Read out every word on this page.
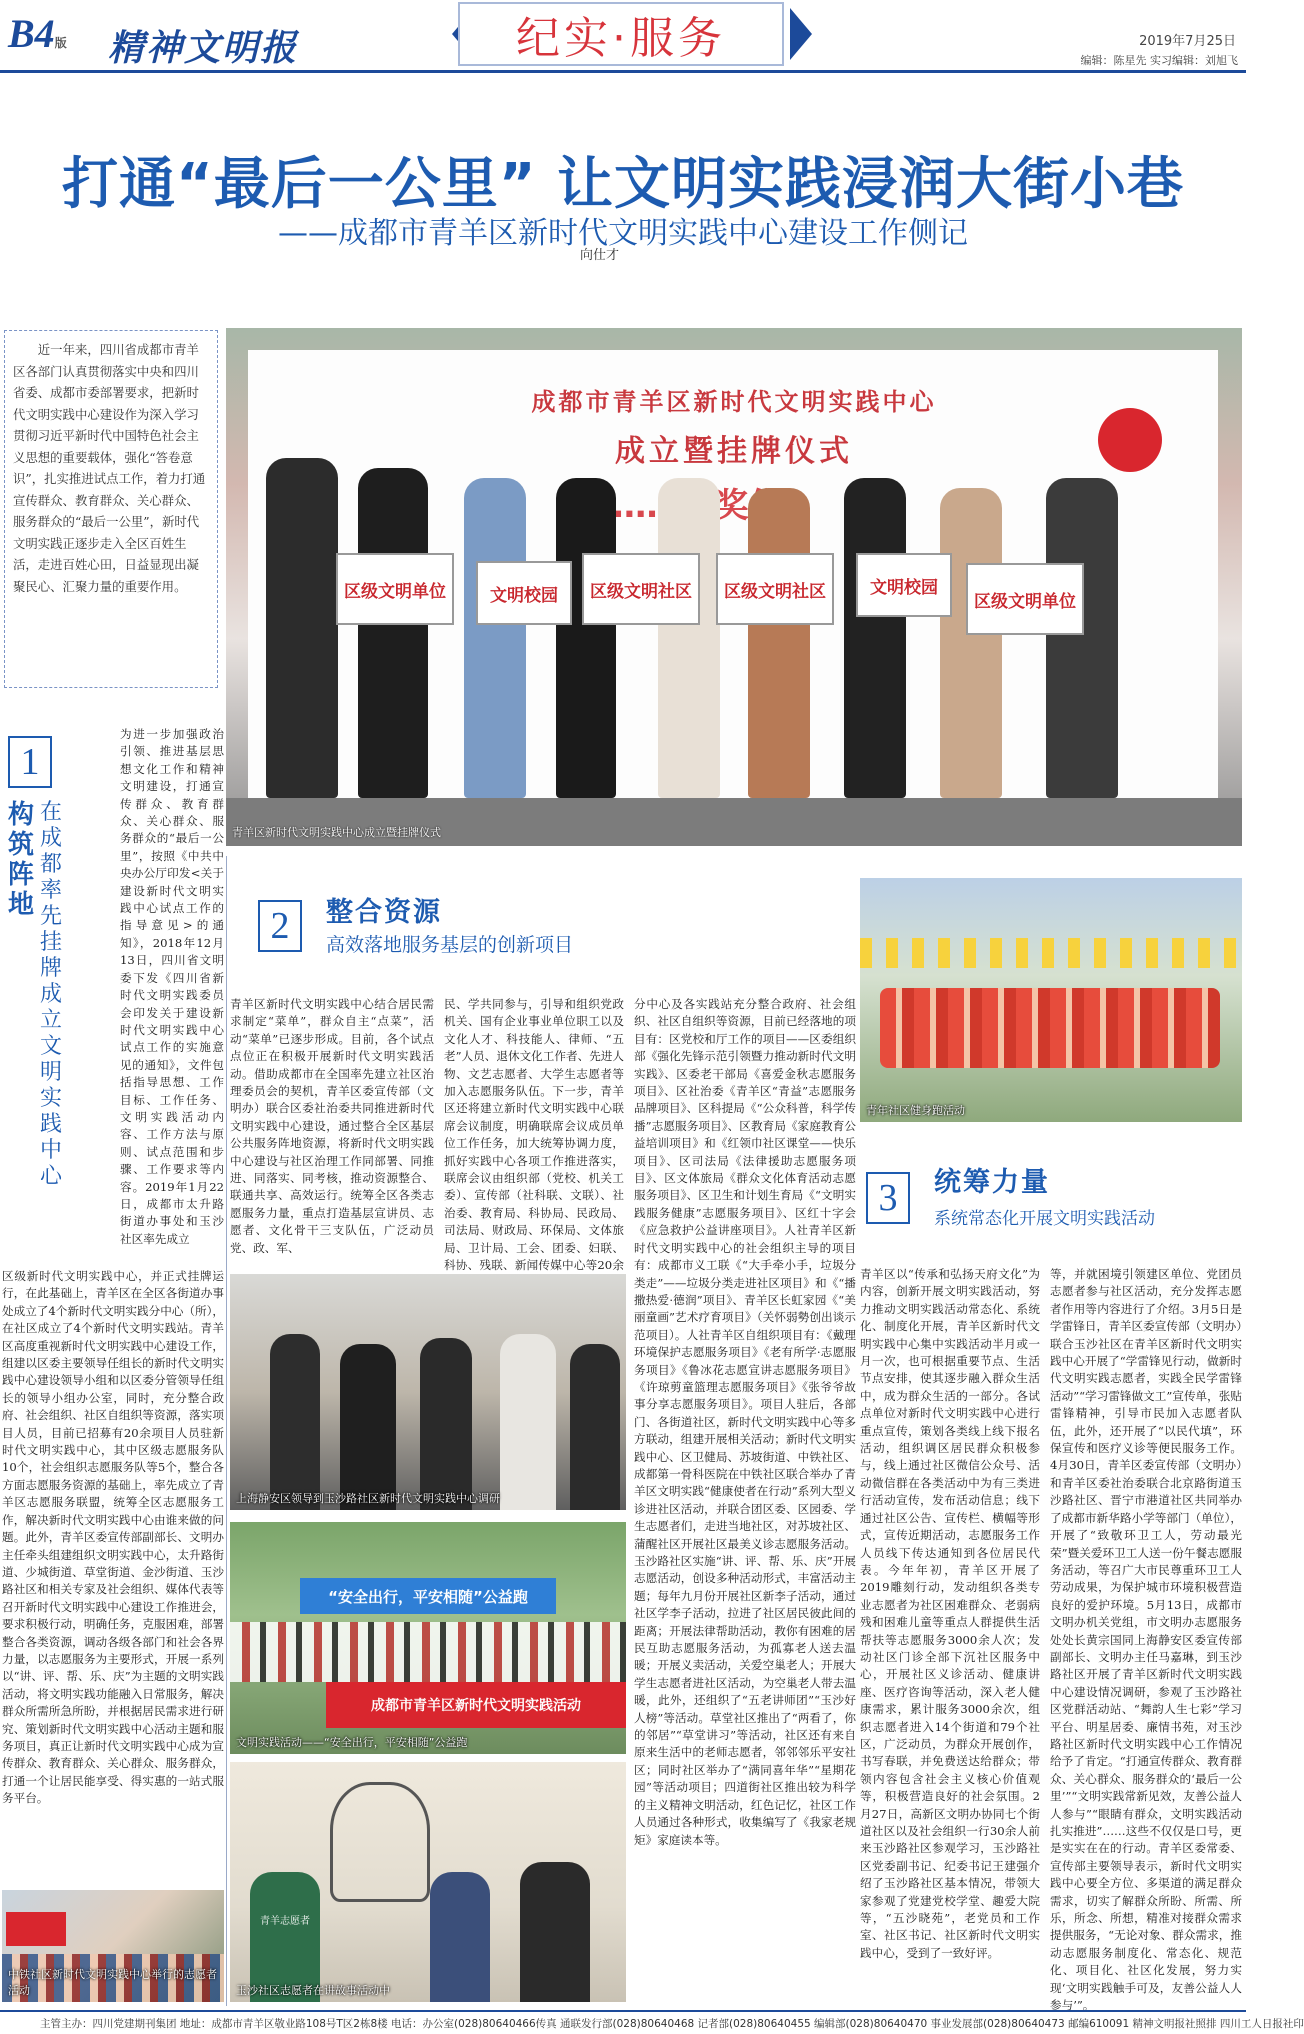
B4版 精神文明报	纪实·服务	2019年7月25日
编辑：陈星先 实习编辑：刘旭飞
打通“最后一公里” 让文明实践浸润大街小巷
——成都市青羊区新时代文明实践中心建设工作侧记
向仕才
近一年来，四川省成都市青羊区各部门认真贯彻落实中央和四川省委、成都市委部署要求，把新时代文明实践中心建设作为深入学习贯彻习近平新时代中国特色社会主义思想的重要载体，强化“答卷意识”，扎实推进试点工作，着力打通宣传群众、教育群众、关心群众、服务群众的“最后一公里”，新时代文明实践正逐步走入全区百姓生活，走进百姓心田，日益显现出凝聚民心、汇聚力量的重要作用。
成都市青羊区新时代文明实践中心
成立暨挂牌仪式
区级文明单位	文明校园	区级文明社区	区级文明社区	文明校园
区级文明单位
青羊区新时代文明实践中心成立暨挂牌仪式
1
构筑阵地
在成都率先挂牌成立文明实践中心
为进一步加强政治引领、推进基层思想文化工作和精神文明建设，打通宣传群众、教育群众、关心群众、服务群众的“最后一公里”，按照《中共中央办公厅印发<关于建设新时代文明实践中心试点工作的指导意见>的通知》，2018年12月13日，四川省文明委下发《四川省新时代文明实践委员会印发关于建设新时代文明实践中心试点工作的实施意见的通知》，文件包括指导思想、工作目标、工作任务、文明实践活动内容、工作方法与原则、试点范围和步骤、工作要求等内容。2019年1月22日，成都市太升路街道办事处和玉沙社区率先成立
区级新时代文明实践中心，并正式挂牌运行，在此基础上，青羊区在全区各街道办事处成立了4个新时代文明实践分中心（所），在社区成立了4个新时代文明实践站。青羊区高度重视新时代文明实践中心建设工作，组建以区委主要领导任组长的新时代文明实践中心建设领导小组和以区委分管领导任组长的领导小组办公室，同时，充分整合政府、社会组织、社区自组织等资源，落实项目人员，目前已招募有20余项目人员驻新时代文明实践中心，其中区级志愿服务队10个，社会组织志愿服务队等5个，整合各方面志愿服务资源的基础上，率先成立了青羊区志愿服务联盟，统筹全区志愿服务工作，解决新时代文明实践中心由谁来做的问题。此外，青羊区委宣传部副部长、文明办主任牵头组建组织文明实践中心，太升路街道、少城街道、草堂街道、金沙街道、玉沙路社区和相关专家及社会组织、媒体代表等召开新时代文明实践中心建设工作推进会，要求积极行动，明确任务，克服困难，部署整合各类资源，调动各级各部门和社会各界力量，以志愿服务为主要形式，开展一系列以“讲、评、帮、乐、庆”为主题的文明实践活动，将文明实践功能融入日常服务，解决群众所需所急所盼，并根据居民需求进行研究、策划新时代文明实践中心活动主题和服务项目，真正让新时代文明实践中心成为宣传群众、教育群众、关心群众、服务群众，打通一个让居民能享受、得实惠的一站式服务平台。
中铁社区新时代文明实践中心举行的志愿者活动
2	整合资源
高效落地服务基层的创新项目
青年社区健身跑活动
青羊区新时代文明实践中心结合居民需求制定“菜单”，群众自主“点菜”，活动“菜单”已逐步形成。目前，各个试点点位正在积极开展新时代文明实践活动。借助成都市在全国率先建立社区治理委员会的契机，青羊区委宣传部（文明办）联合区委社治委共同推进新时代文明实践中心建设，通过整合全区基层公共服务阵地资源，将新时代文明实践中心建设与社区治理工作同部署、同推进、同落实、同考核，推动资源整合、联通共享、高效运行。统筹全区各类志愿服务力量，重点打造基层宣讲员、志愿者、文化骨干三支队伍，广泛动员党、政、军、
民、学共同参与，引导和组织党政机关、国有企业事业单位职工以及文化人才、科技能人、律师、“五老”人员、退休文化工作者、先进人物、文艺志愿者、大学生志愿者等加入志愿服务队伍。下一步，青羊区还将建立新时代文明实践中心联席会议制度，明确联席会议成员单位工作任务，加大统筹协调力度，抓好实践中心各项工作推进落实，联席会议由组织部（党校、机关工委）、宣传部（社科联、文联）、社治委、教育局、科协局、民政局、司法局、财政局、环保局、文体旅局、卫计局、工会、团委、妇联、科协、残联、新闻传媒中心等20余
分中心及各实践站充分整合政府、社会组织、社区自组织等资源，目前已经落地的项目有：区党校和厅工作的项目——区委组织部《强化先锋示范引领暨力推动新时代文明实践》、区委老干部局《喜爱金秋志愿服务项目》、区社治委《青羊区“青益”志愿服务品牌项目》、区科提局《“公众科普，科学传播”志愿服务项目》、区教育局《家庭教育公益培训项目》和《红领巾社区课堂——快乐项目》、区司法局《法律援助志愿服务项目》、区文体旅局《群众文化体育活动志愿服务项目》、区卫生和计划生育局《“文明实践服务健康”志愿服务项目》、区红十字会《应急救护公益讲座项目》。人社青羊区新时代文明实践中心的社会组织主导的项目有：成都市义工联《“大手牵小手，垃圾分类走”——垃圾分类走进社区项目》和《“播撒热爱·德润”项目》、青羊区长虹家园《“美丽童画”艺术疗育项目》（关怀弱勢创出谈示范项目）。人社青羊区自组织项目有：《戴理环境保护志愿服务项目》《老有所学·志愿服务项目》《鲁冰花志愿宣讲志愿服务项目》《许琼剪童篮理志愿服务项目》《张爷爷故事分享志愿服务项目》。项目人驻后，各部门、各街道社区，新时代文明实践中心等多方联动，组建开展相关活动；新时代文明实践中心、区卫健局、苏坡街道、中铁社区、成都第一骨科医院在中铁社区联合举办了青羊区文明实践“健康使者在行动”系列大型义诊进社区活动，并联合团区委、区园委、学生志愿者们，走进当地社区，对苏坡社区、蒲醒社区开展社区最美义诊志愿服务活动。玉沙路社区实施“讲、评、帮、乐、庆”开展志愿活动，创设多种活动形式，丰富活动主题；每年九月份开展社区新李子活动，通过社区学李子活动，拉进了社区居民彼此间的距离；开展法律帮助活动，教你有困难的居民互助志愿服务活动，为孤寡老人送去温暖；开展义卖活动，关爱空巢老人；开展大学生志愿者进社区活动，为空巢老人带去温暖，此外，还组织了“五老讲师团”“玉沙好人榜”等活动。草堂社区推出了“两看了，你的邻居”“草堂讲习”等活动，社区还有来自原来生活中的老师志愿者，邻邻邻乐平安社区；同时社区举办了“满同喜年华”“星期花园”等活动项目；四道街社区推出较为科学的主义精神文明活动，红色记忆，社区工作人员通过各种形式，收集编写了《我家老规矩》家庭读本等。
上海静安区领导到玉沙路社区新时代文明实践中心调研
“安全出行，平安相随”公益跑
成都市青羊区新时代文明实践活动
文明实践活动——“安全出行，平安相随”公益跑
青羊志愿者
玉沙社区志愿者在讲故事活动中
3	统筹力量
系统常态化开展文明实践活动
青羊区以“传承和弘扬天府文化”为内容，创新开展文明实践活动，努力推动文明实践活动常态化、系统化、制度化开展，青羊区新时代文明实践中心集中实践活动半月或一月一次，也可根据重要节点、生活节点安排，使其逐步融入群众生活中，成为群众生活的一部分。各试点单位对新时代文明实践中心进行重点宣传，策划各类线上线下报名活动，组织调区居民群众积极参与，线上通过社区微信公众号、活动微信群在各类活动中为有三类进行活动宣传，发布活动信息；线下通过社区公告、宣传栏、横幅等形式，宣传近期活动，志愿服务工作人员线下传达通知到各位居民代表。今年年初，青羊区开展了2019雕刻行动，发动组织各类专业志愿者为社区困难群众、老弱病残和困难儿童等重点人群提供生活帮扶等志愿服务3000余人次；发动社区门诊全部下沉社区服务中心，开展社区义诊活动、健康讲座、医疗咨询等活动，深入老人健康需求，累计服务3000余次，组织志愿者进入14个街道和79个社区，广泛动员，为群众开展创作，书写春联，并免费送达给群众；带领内容包含社会主义核心价值观等，积极营造良好的社会氛围。2月27日，高新区文明办协同七个街道社区以及社会组织一行30余人前来玉沙路社区参观学习，玉沙路社区党委副书记、纪委书记王建强介绍了玉沙路社区基本情况，带领大家参观了党建党校学堂、趣爱大院等，“五沙晓苑”，老党员和工作室、社区书记、社区新时代文明实践中心，受到了一致好评。
等，并就困境引领建区单位、党团员志愿者参与社区活动，充分发挥志愿者作用等内容进行了介绍。3月5日是学雷锋日，青羊区委宣传部（文明办）联合玉沙社区在青羊区新时代文明实践中心开展了“学雷锋见行动，做新时代文明实践志愿者，实践全民学雷锋活动”“学习雷锋做文工”宣传单，张贴雷锋精神，引导市民加入志愿者队伍，此外，还开展了“以民代填”，环保宣传和医疗义诊等便民服务工作。4月30日，青羊区委宣传部（文明办）和青羊区委社治委联合北京路街道玉沙路社区、晋宁市港道社区共同举办了成都市新华路小学等部门（单位），开展了“致敬环卫工人，劳动最光荣”暨关爱环卫工人送一份午餐志愿服务活动，等召广大市民尊重环卫工人劳动成果，为保护城市环境积极营造良好的爱护环境。5月13日，成都市文明办机关党组，市文明办志愿服务处处长黄宗国同上海静安区委宣传部副部长、文明办主任马嘉琳，到玉沙路社区开展了青羊区新时代文明实践中心建设情况调研，参观了玉沙路社区党群活动站、“舞韵人生七彩”学习平台、明星居委、廉情书苑，对玉沙路社区新时代文明实践中心工作情况给予了肯定。“打通宣传群众、教育群众、关心群众、服务群众的‘最后一公里’”“文明实践常新见效，友善公益人人参与”“眼睛有群众，文明实践活动扎实推进”……这些不仅仅是口号，更是实实在在的行动。青羊区委常委、宣传部主要领导表示，新时代文明实践中心要全方位、多渠道的满足群众需求，切实了解群众所盼、所需、所乐，所念、所想，精准对接群众需求提供服务，“无论对象、群众需求，推动志愿服务制度化、常态化、规范化、项目化、社区化发展，努力实现‘文明实践触手可及，友善公益人人参与’”。
主管主办：四川党建期刊集团 地址：成都市青羊区敬业路108号T区2栋8楼 电话：办公室(028)80640466传真 通联发行部(028)80640468 记者部(028)80640455 编辑部(028)80640470 事业发展部(028)80640473 邮编610091 精神文明报社照排 四川工人日报社印
